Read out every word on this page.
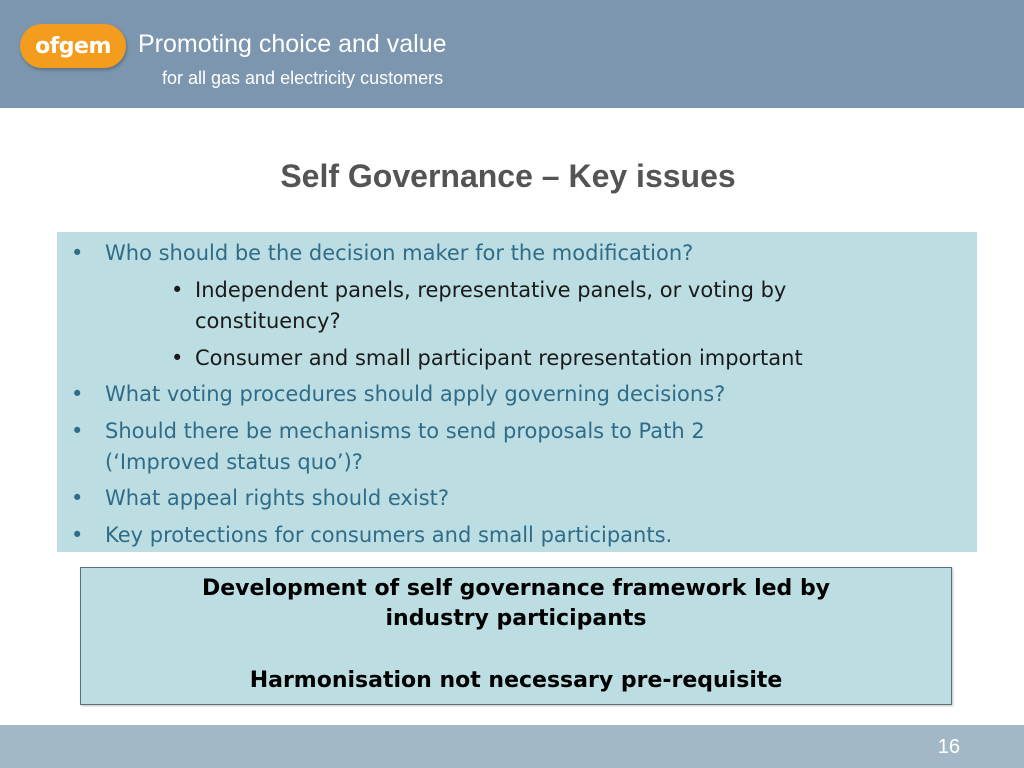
ofgem Promoting choice and value
for all gas and electricity customers
Self Governance – Key issues
• Who should be the decision maker for the modification?
• Independent panels, representative panels, or voting by
constituency?
• Consumer and small participant representation important
• What voting procedures should apply governing decisions?
• Should there be mechanisms to send proposals to Path 2
(‘Improved status quo’)?
• What appeal rights should exist?
• Key protections for consumers and small participants.
Development of self governance framework led by
industry participants
Harmonisation not necessary pre-requisite
16
